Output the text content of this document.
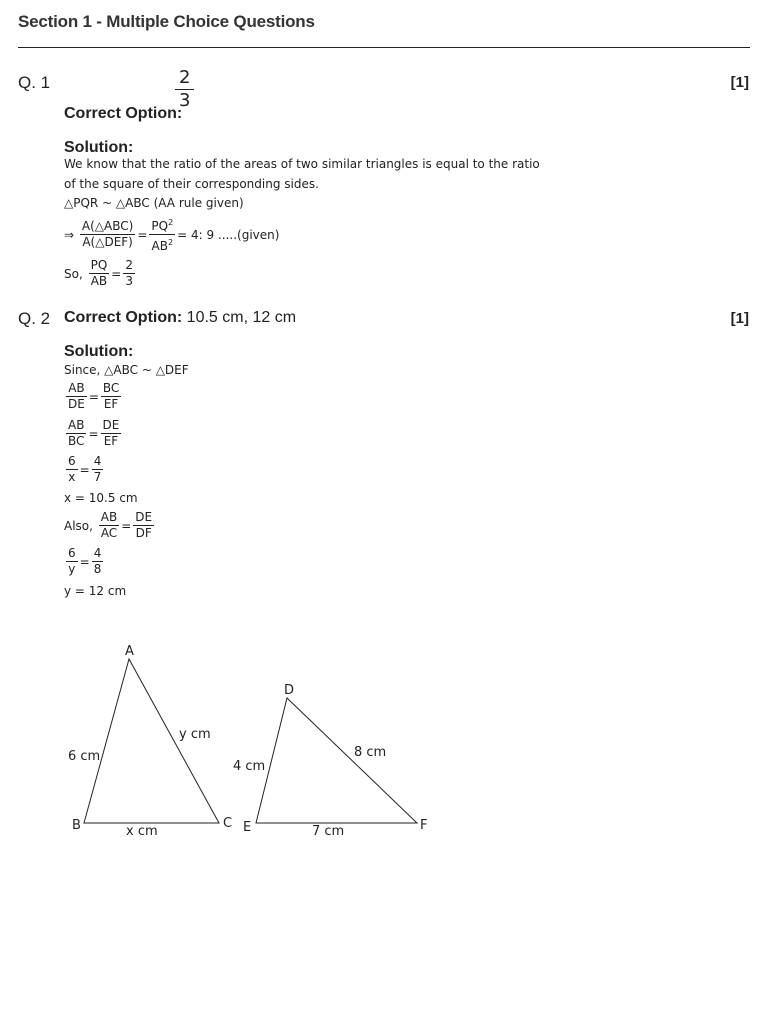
Section 1 - Multiple Choice Questions
Q. 1	[1]
$\frac{2}{3}$
Correct Option:
Solution:
We know that the ratio of the areas of two similar triangles is equal to the ratio
of the square of their corresponding sides.
△PQR ~ △ABC (AA rule given)
⇒
$\frac{\text{A(△ABC)}}{\text{A(△DEF)}} = \frac{PQ^2}{AB^2} = 4$: 9 .....(given)
So,
$\frac{PQ}{AB} = \frac{2}{3}$
Q. 2	[1]
Correct Option: 10.5 cm, 12 cm
Solution:
Since, △ABC ~ △DEF
$\frac{AB}{DE} = \frac{BC}{EF}$
$\frac{AB}{BC} = \frac{DE}{EF}$
$\frac{6}{x} = \frac{4}{7}$
x = 10.5 cm
Also,
$\frac{AB}{AC} = \frac{DE}{DF}$
$\frac{6}{y} = \frac{4}{8}$
y = 12 cm
A
B	C
6 cm
y cm
x cm
D
E	F
4 cm
8 cm
7 cm
